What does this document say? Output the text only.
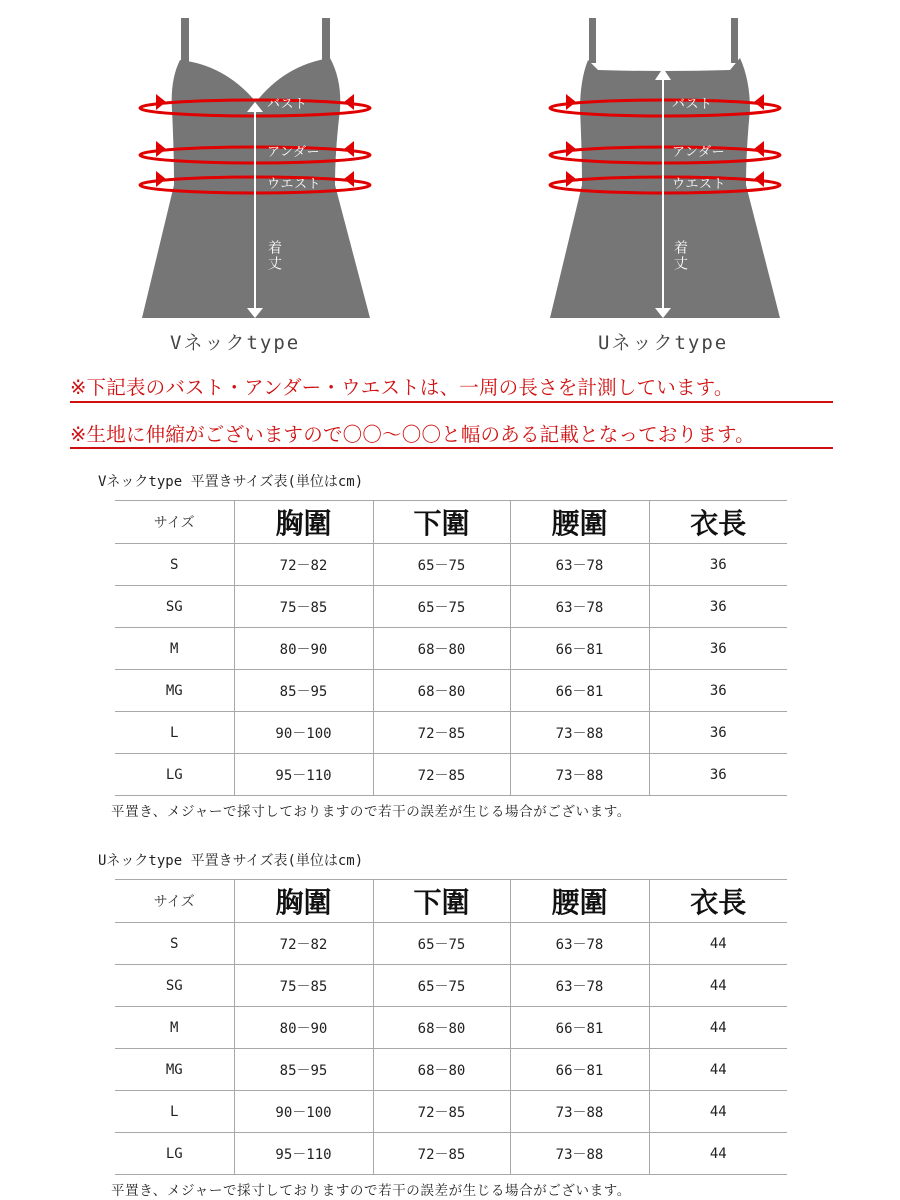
バスト
アンダー
ウエスト
着丈
Vネックtype
バスト
アンダー
ウエスト
着丈
Uネックtype
※下記表のバスト・アンダー・ウエストは、一周の長さを計測しています。
※生地に伸縮がございますので〇〇～〇〇と幅のある記載となっております。
Vネックtype 平置きサイズ表(単位はcm)
サイズ	胸圍	下圍	腰圍	衣長
S	72－82	65－75	63－78	36
SG	75－85	65－75	63－78	36
M	80－90	68－80	66－81	36
MG	85－95	68－80	66－81	36
L	90－100	72－85	73－88	36
LG	95－110	72－85	73－88	36
平置き、メジャーで採寸しておりますので若干の誤差が生じる場合がございます。
Uネックtype 平置きサイズ表(単位はcm)
サイズ	胸圍	下圍	腰圍	衣長
S	72－82	65－75	63－78	44
SG	75－85	65－75	63－78	44
M	80－90	68－80	66－81	44
MG	85－95	68－80	66－81	44
L	90－100	72－85	73－88	44
LG	95－110	72－85	73－88	44
平置き、メジャーで採寸しておりますので若干の誤差が生じる場合がございます。
